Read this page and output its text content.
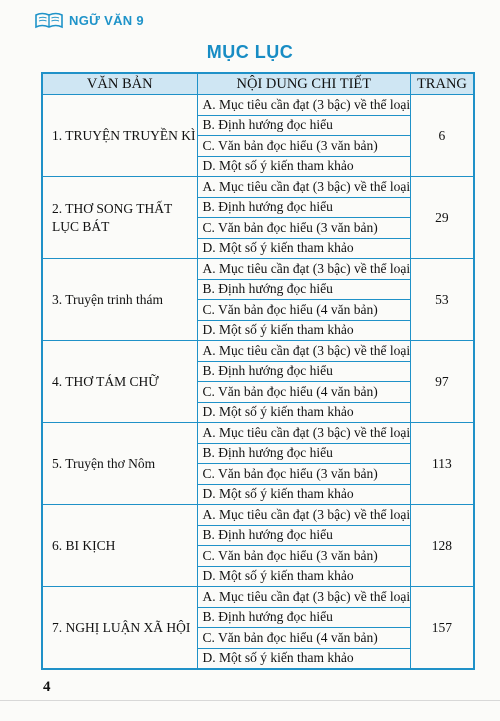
NGỮ VĂN 9
MỤC LỤC
VĂN BẢN	NỘI DUNG CHI TIẾT	TRANG
1. TRUYỆN TRUYỀN KÌ	A. Mục tiêu cần đạt (3 bậc) về thể loại	6
	B. Định hướng đọc hiểu	
	C. Văn bản đọc hiểu (3 văn bản)	
	D. Một số ý kiến tham khảo	
2. THƠ SONG THẤT LỤC BÁT	A. Mục tiêu cần đạt (3 bậc) về thể loại	29
	B. Định hướng đọc hiểu	
	C. Văn bản đọc hiểu (3 văn bản)	
	D. Một số ý kiến tham khảo	
3. Truyện trinh thám	A. Mục tiêu cần đạt (3 bậc) về thể loại	53
	B. Định hướng đọc hiểu	
	C. Văn bản đọc hiểu (4 văn bản)	
	D. Một số ý kiến tham khảo	
4. THƠ TÁM CHỮ	A. Mục tiêu cần đạt (3 bậc) về thể loại	97
	B. Định hướng đọc hiểu	
	C. Văn bản đọc hiểu (4 văn bản)	
	D. Một số ý kiến tham khảo	
5. Truyện thơ Nôm	A. Mục tiêu cần đạt (3 bậc) về thể loại	113
	B. Định hướng đọc hiểu	
	C. Văn bản đọc hiểu (3 văn bản)	
	D. Một số ý kiến tham khảo	
6. BI KỊCH	A. Mục tiêu cần đạt (3 bậc) về thể loại	128
	B. Định hướng đọc hiểu	
	C. Văn bản đọc hiểu (3 văn bản)	
	D. Một số ý kiến tham khảo	
7. NGHỊ LUẬN XÃ HỘI	A. Mục tiêu cần đạt (3 bậc) về thể loại	157
	B. Định hướng đọc hiểu	
	C. Văn bản đọc hiểu (4 văn bản)	
	D. Một số ý kiến tham khảo	
4
